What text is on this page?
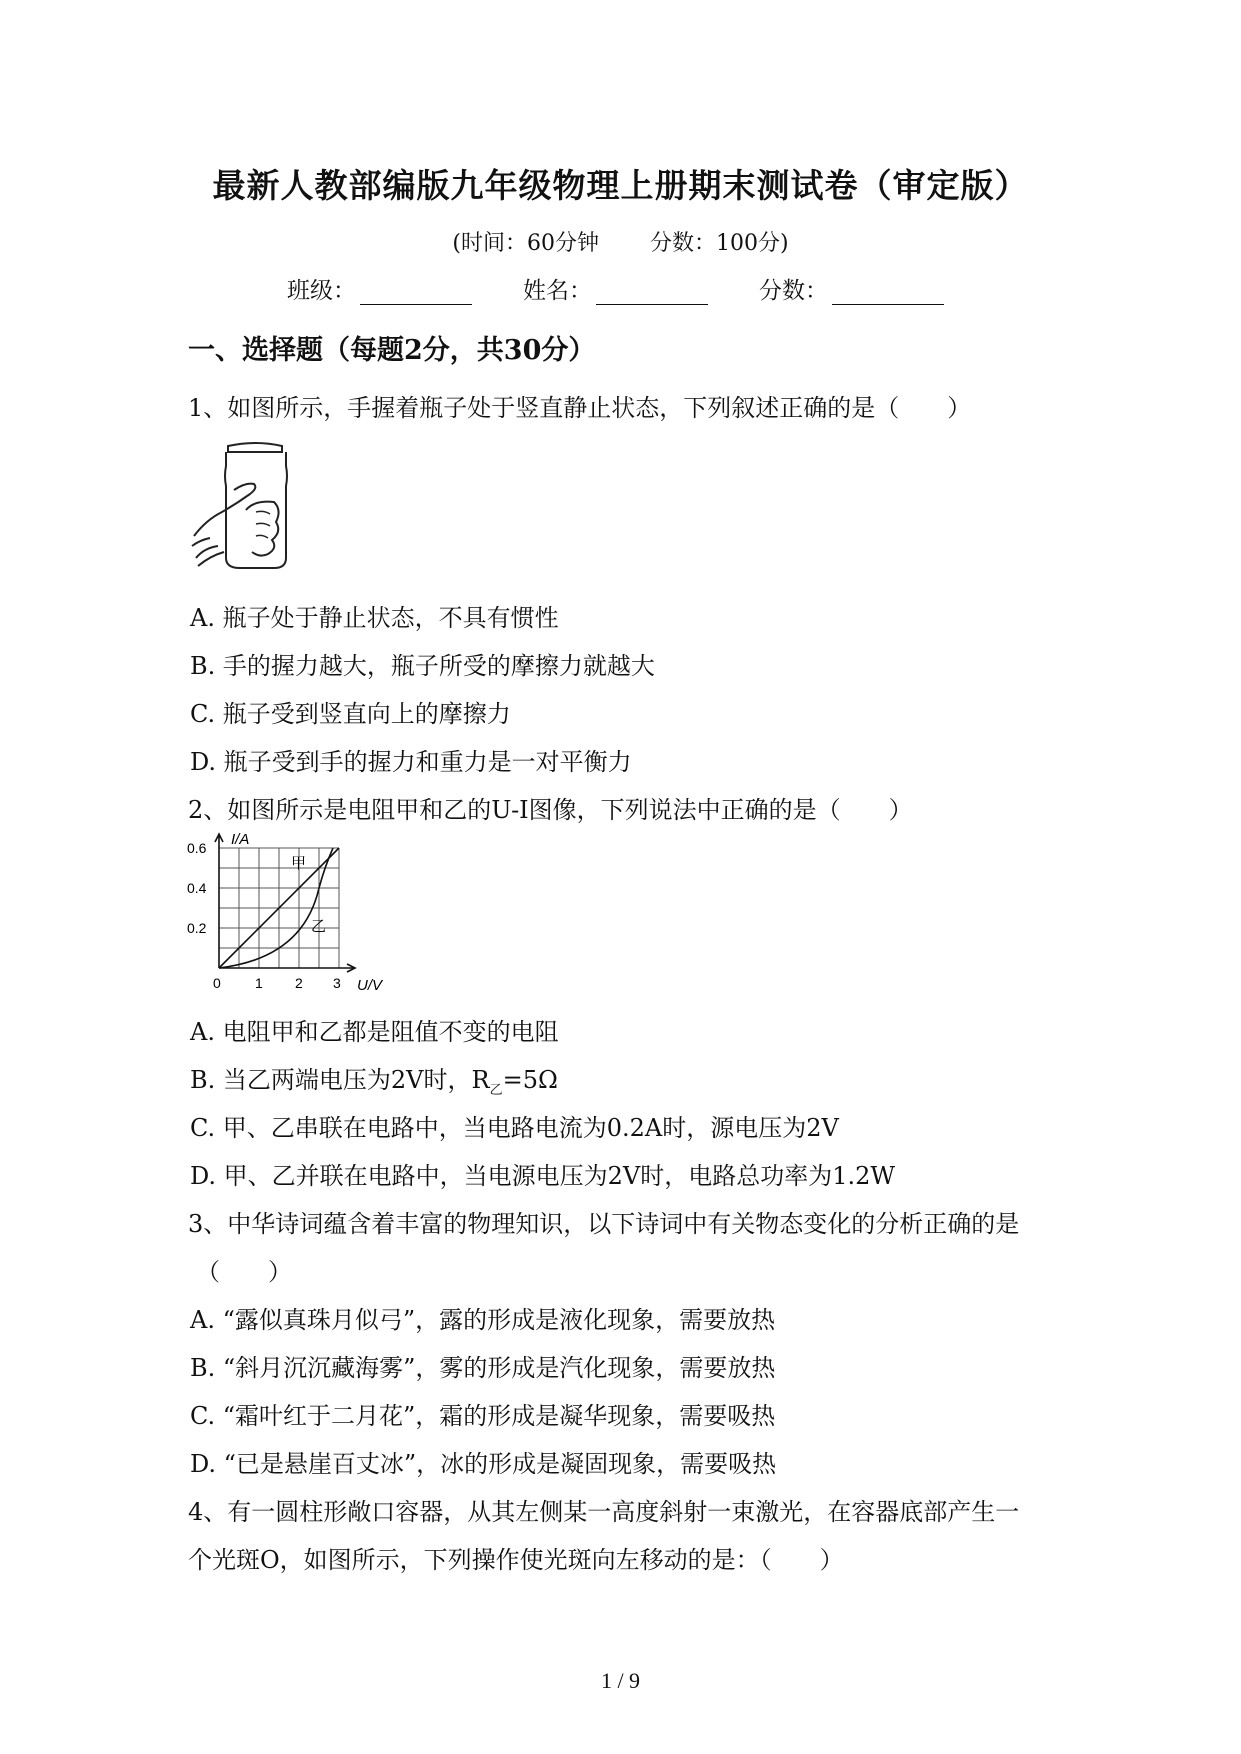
最新人教部编版九年级物理上册期末测试卷（审定版）
(时间：60分钟 分数：100分)
班级：	姓名：	分数：
一、选择题（每题2分，共30分）
1、如图所示，手握着瓶子处于竖直静止状态，下列叙述正确的是（　　）
A. 瓶子处于静止状态，不具有惯性
B. 手的握力越大，瓶子所受的摩擦力就越大
C. 瓶子受到竖直向上的摩擦力
D. 瓶子受到手的握力和重力是一对平衡力
2、如图所示是电阻甲和乙的U-I图像，下列说法中正确的是（　　）
I/A
U/V
0.6
0.4
0.2
0 1 2 3
甲
乙
A. 电阻甲和乙都是阻值不变的电阻
B. 当乙两端电压为2V时，$R_乙=5\Omega$
C. 甲、乙串联在电路中，当电路电流为0.2A时，源电压为2V
D. 甲、乙并联在电路中，当电源电压为2V时，电路总功率为1.2W
3、中华诗词蕴含着丰富的物理知识，以下诗词中有关物态变化的分析正确的是
（　　）
A. “露似真珠月似弓”，露的形成是液化现象，需要放热
B. “斜月沉沉藏海雾”，雾的形成是汽化现象，需要放热
C. “霜叶红于二月花”，霜的形成是凝华现象，需要吸热
D. “已是悬崖百丈冰”，冰的形成是凝固现象，需要吸热
4、有一圆柱形敞口容器，从其左侧某一高度斜射一束激光，在容器底部产生一
个光斑O，如图所示，下列操作使光斑向左移动的是：（　　）
1 / 9
